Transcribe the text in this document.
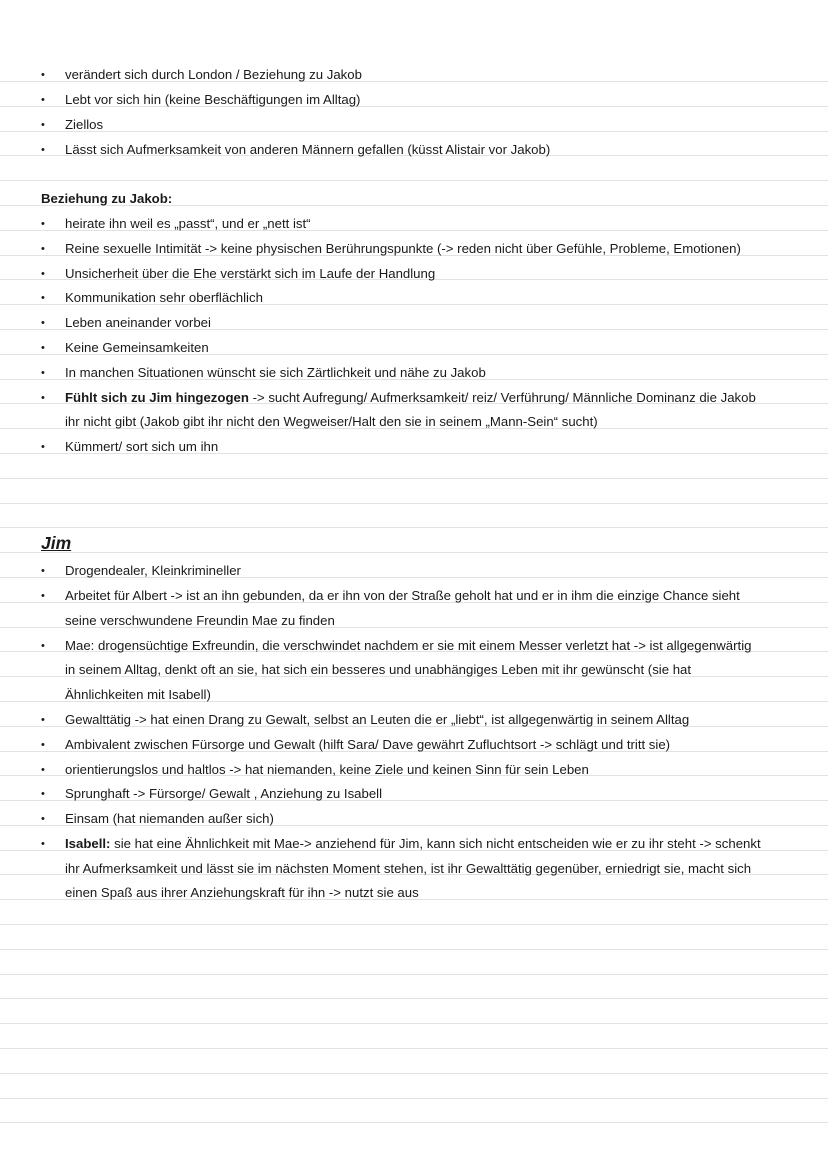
• verändert sich durch London / Beziehung zu Jakob
• Lebt vor sich hin (keine Beschäftigungen im Alltag)
• Ziellos
• Lässt sich Aufmerksamkeit von anderen Männern gefallen (küsst Alistair vor Jakob)
Beziehung zu Jakob:
• heirate ihn weil es „passt“, und er „nett ist“
• Reine sexuelle Intimität -> keine physischen Berührungspunkte (-> reden nicht über Gefühle, Probleme, Emotionen)
• Unsicherheit über die Ehe verstärkt sich im Laufe der Handlung
• Kommunikation sehr oberflächlich
• Leben aneinander vorbei
• Keine Gemeinsamkeiten
• In manchen Situationen wünscht sie sich Zärtlichkeit und nähe zu Jakob
• Fühlt sich zu Jim hingezogen -> sucht Aufregung/ Aufmerksamkeit/ reiz/ Verführung/ Männliche Dominanz die Jakob
ihr nicht gibt (Jakob gibt ihr nicht den Wegweiser/Halt den sie in seinem „Mann-Sein“ sucht)
• Kümmert/ sort sich um ihn
Jim
• Drogendealer, Kleinkrimineller
• Arbeitet für Albert -> ist an ihn gebunden, da er ihn von der Straße geholt hat und er in ihm die einzige Chance sieht
seine verschwundene Freundin Mae zu finden
• Mae: drogensüchtige Exfreundin, die verschwindet nachdem er sie mit einem Messer verletzt hat -> ist allgegenwärtig
in seinem Alltag, denkt oft an sie, hat sich ein besseres und unabhängiges Leben mit ihr gewünscht (sie hat
Ähnlichkeiten mit Isabell)
• Gewalttätig -> hat einen Drang zu Gewalt, selbst an Leuten die er „liebt“, ist allgegenwärtig in seinem Alltag
• Ambivalent zwischen Fürsorge und Gewalt (hilft Sara/ Dave gewährt Zufluchtsort -> schlägt und tritt sie)
• orientierungslos und haltlos -> hat niemanden, keine Ziele und keinen Sinn für sein Leben
• Sprunghaft -> Fürsorge/ Gewalt , Anziehung zu Isabell
• Einsam (hat niemanden außer sich)
• Isabell: sie hat eine Ähnlichkeit mit Mae-> anziehend für Jim, kann sich nicht entscheiden wie er zu ihr steht -> schenkt
ihr Aufmerksamkeit und lässt sie im nächsten Moment stehen, ist ihr Gewalttätig gegenüber, erniedrigt sie, macht sich
einen Spaß aus ihrer Anziehungskraft für ihn -> nutzt sie aus
